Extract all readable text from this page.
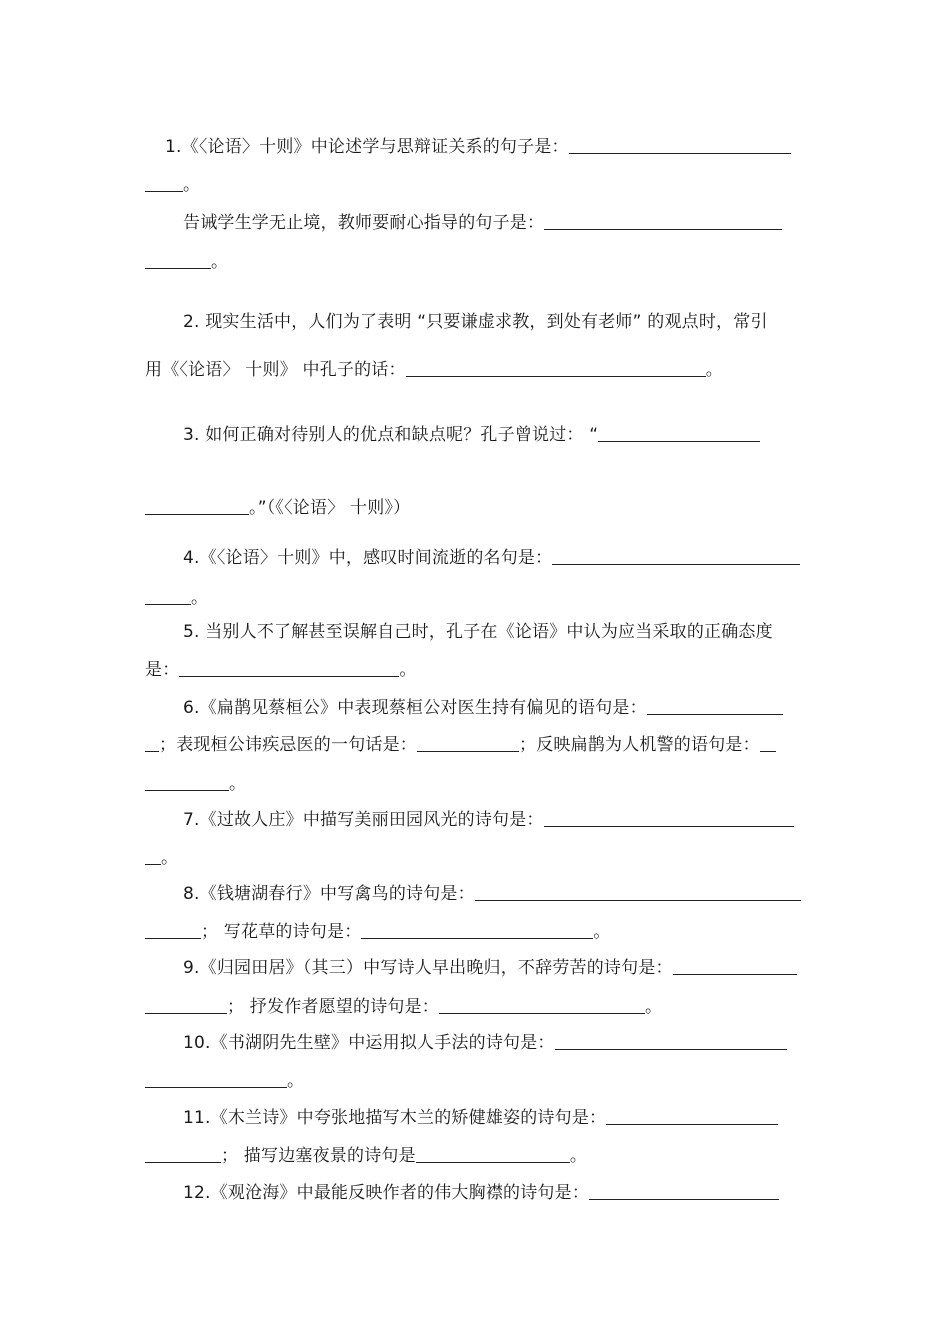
1.《〈论语〉十则》中论述学与思辩证关系的句子是：
。
告诫学生学无止境，教师要耐心指导的句子是：
。
2. 现实生活中，人们为了表明 “只要谦虚求教，到处有老师” 的观点时，常引
用《〈论语〉 十则》 中孔子的话：	。
3. 如何正确对待别人的优点和缺点呢？孔子曾说过： “
。”（《〈论语〉 十则》）
4.《〈论语〉十则》中，感叹时间流逝的名句是：
。
5. 当别人不了解甚至误解自己时，孔子在《论语》中认为应当采取的正确态度
是：	。
6.《扁鹊见蔡桓公》中表现蔡桓公对医生持有偏见的语句是：
；表现桓公讳疾忌医的一句话是：	；反映扁鹊为人机警的语句是：
。
7.《过故人庄》中描写美丽田园风光的诗句是：
。
8.《钱塘湖春行》中写禽鸟的诗句是：
； 写花草的诗句是：	。
9.《归园田居》（其三）中写诗人早出晚归，不辞劳苦的诗句是：
； 抒发作者愿望的诗句是：	。
10.《书湖阴先生壁》中运用拟人手法的诗句是：
。
11.《木兰诗》中夸张地描写木兰的矫健雄姿的诗句是：
； 描写边塞夜景的诗句是	。
12.《观沧海》中最能反映作者的伟大胸襟的诗句是：
